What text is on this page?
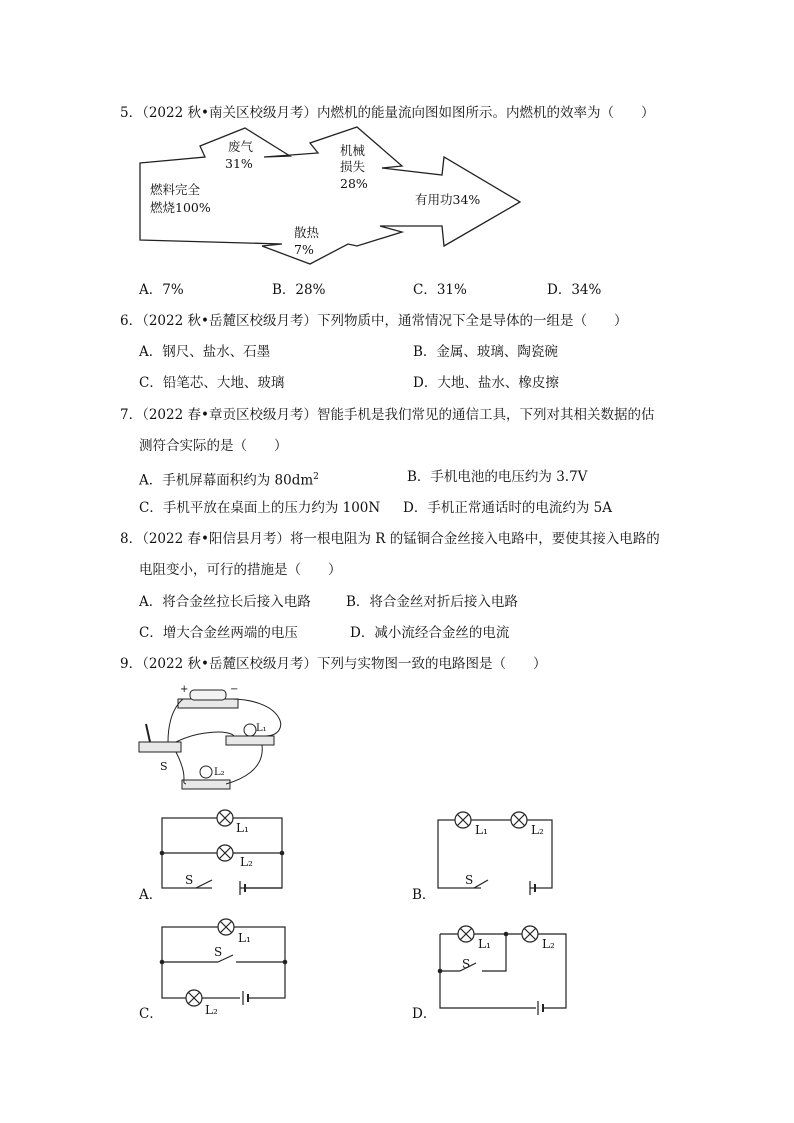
5．（2022 秋•南关区校级月考）内燃机的能量流向图如图所示。内燃机的效率为（　　）
燃料完全
燃烧100%
废气
31%
机械
损失
28%
有用功34%
散热
7%
A．7%	B．28%	C．31%	D．34%
6．（2022 秋•岳麓区校级月考）下列物质中，通常情况下全是导体的一组是（　　）
A．钢尺、盐水、石墨	B．金属、玻璃、陶瓷碗
C．铅笔芯、大地、玻璃	D．大地、盐水、橡皮擦
7．（2022 春•章贡区校级月考）智能手机是我们常见的通信工具，下列对其相关数据的估
测符合实际的是（　　）
A．手机屏幕面积约为 $80dm^2$	B．手机电池的电压约为 3.7V
C．手机平放在桌面上的压力约为 100N D．手机正常通话时的电流约为 5A
8．（2022 春•阳信县月考）将一根电阻为 R 的锰铜合金丝接入电路中，要使其接入电路的
电阻变小，可行的措施是（　　）
A．将合金丝拉长后接入电路	B．将合金丝对折后接入电路
C．增大合金丝两端的电压	D．减小流经合金丝的电流
9．（2022 秋•岳麓区校级月考）下列与实物图一致的电路图是（　　）
+	−
S
L₁
L₂
L₁
L₂
S
A．
L₁	L₂
S
B．
L₁
S
L₂
C．
L₁	L₂
S
D．
